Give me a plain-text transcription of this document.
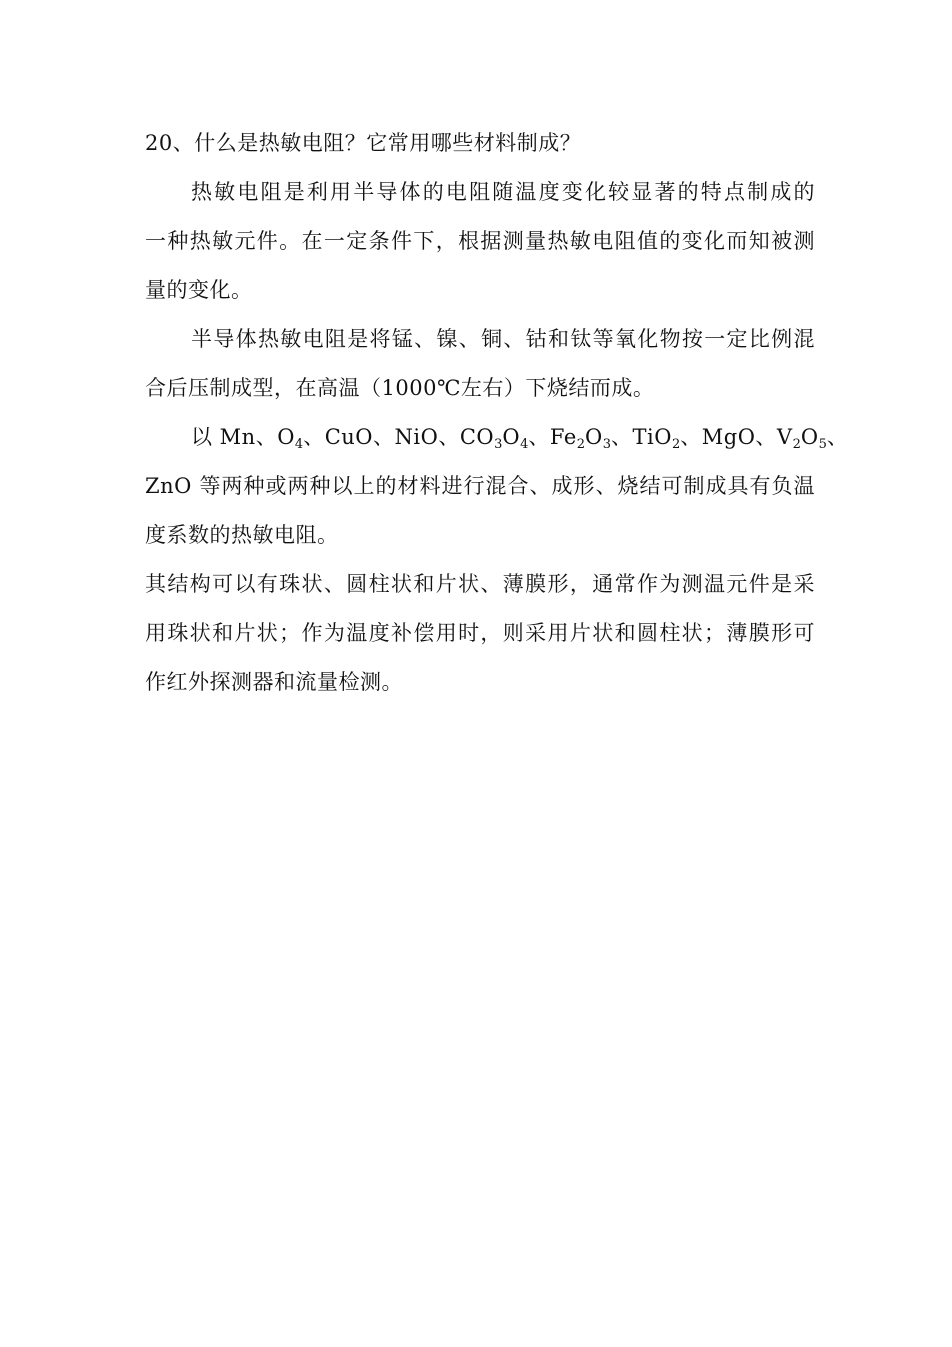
20、什么是热敏电阻？它常用哪些材料制成？
热敏电阻是利用半导体的电阻随温度变化较显著的特点制成的
一种热敏元件。在一定条件下，根据测量热敏电阻值的变化而知被测
量的变化。
半导体热敏电阻是将锰、镍、铜、钴和钛等氧化物按一定比例混
合后压制成型，在高温（1000℃左右）下烧结而成。
以 Mn、$O_4$、CuO、NiO、$CO_3O_4$、$Fe_2O_3$、TiO$_2$、MgO、$V_2O_5$、
ZnO 等两种或两种以上的材料进行混合、成形、烧结可制成具有负温
度系数的热敏电阻。
其结构可以有珠状、圆柱状和片状、薄膜形，通常作为测温元件是采
用珠状和片状；作为温度补偿用时，则采用片状和圆柱状；薄膜形可
作红外探测器和流量检测。
